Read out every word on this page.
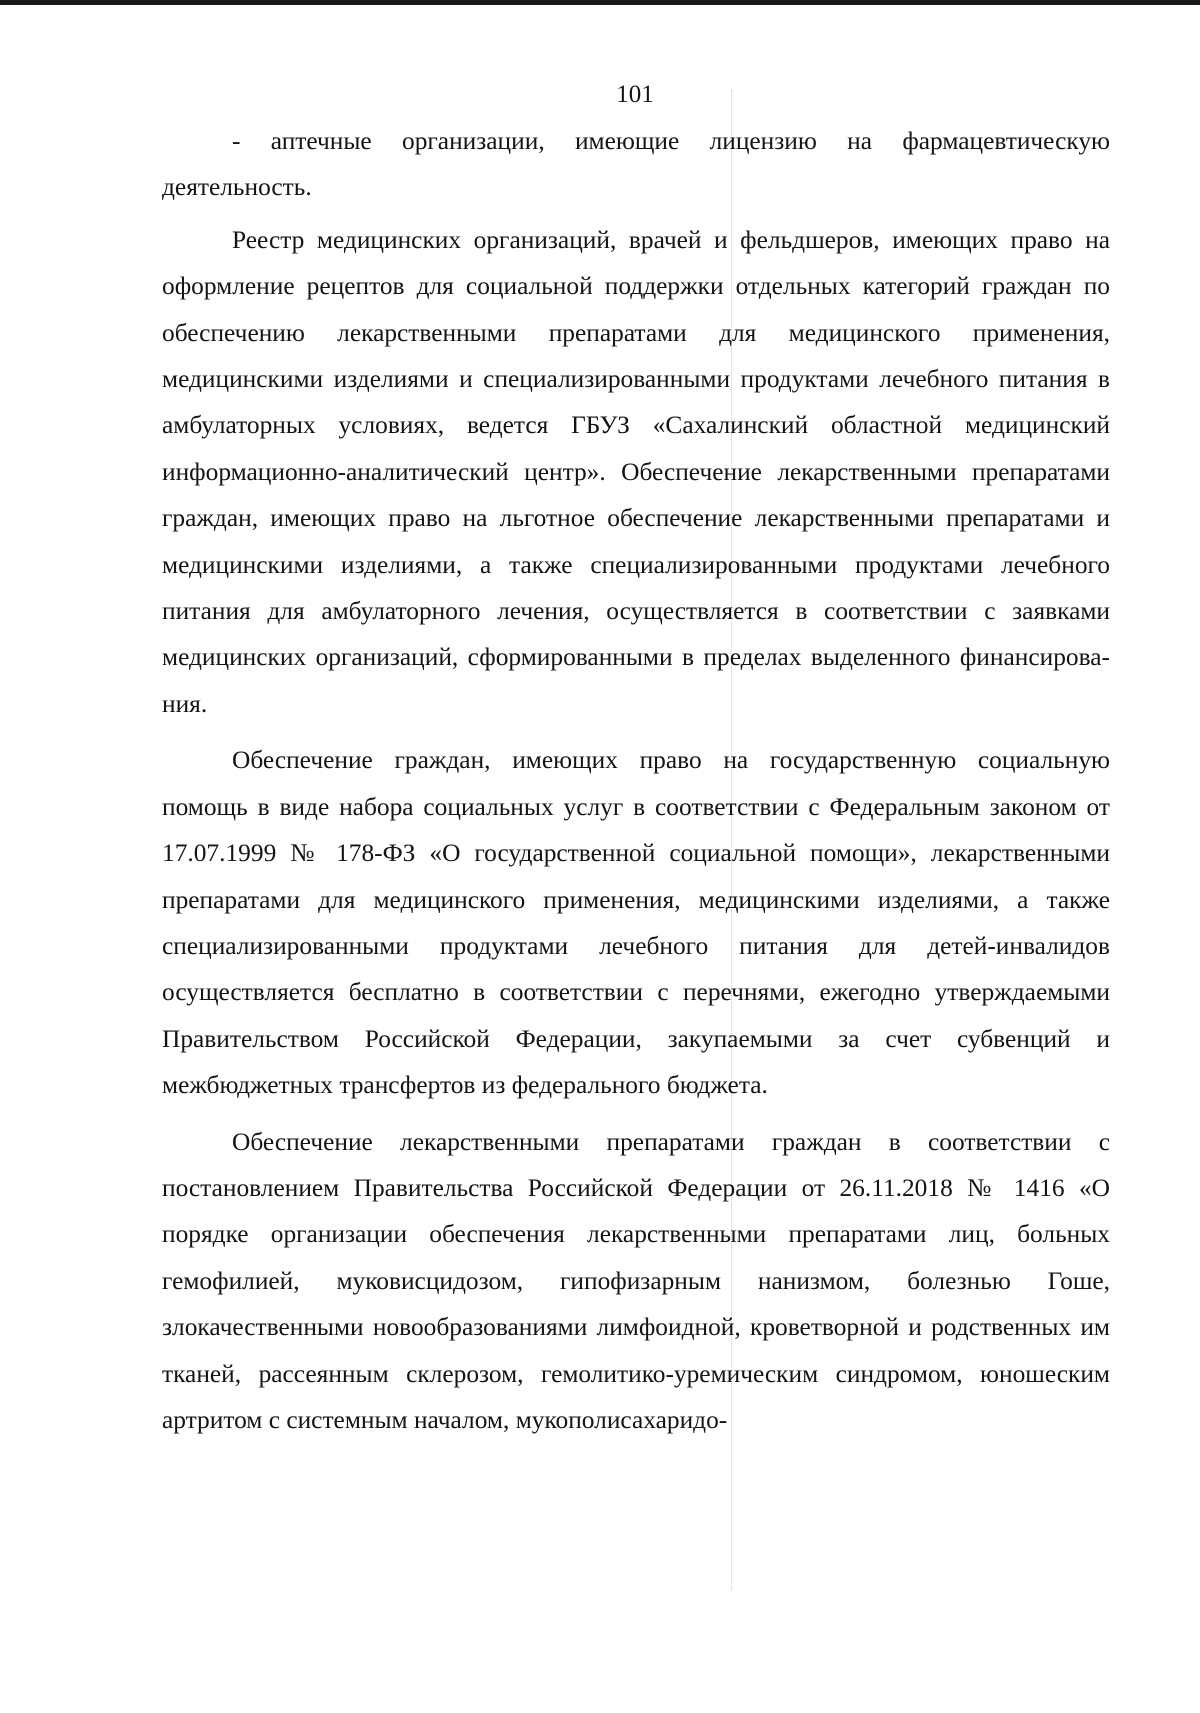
101

- аптечные организации, имеющие лицензию на фармацевтическую деятельность.

Реестр медицинских организаций, врачей и фельдшеров, имеющих право на оформление рецептов для социальной поддержки отдельных категорий граждан по обеспечению лекарственными препаратами для медицинского применения, медицинскими изделиями и специализированными продуктами лечебного питания в амбулаторных условиях, ведется ГБУЗ «Сахалинский областной медицинский информационно-аналитический центр». Обеспечение лекарственными препаратами граждан, имеющих право на льготное обеспечение лекарственными препаратами и медицинскими изделиями, а также специализированными продуктами лечебного питания для амбулаторного лечения, осуществляется в соответствии с заявками медицинских организаций, сформированными в пределах выделенного финансирования.

Обеспечение граждан, имеющих право на государственную социальную помощь в виде набора социальных услуг в соответствии с Федеральным законом от 17.07.1999 № 178-ФЗ «О государственной социальной помощи», лекарственными препаратами для медицинского применения, медицинскими изделиями, а также специализированными продуктами лечебного питания для детей-инвалидов осуществляется бесплатно в соответствии с перечнями, ежегодно утверждаемыми Правительством Российской Федерации, закупаемыми за счет субвенций и межбюджетных трансфертов из федерального бюджета.

Обеспечение лекарственными препаратами граждан в соответствии с постановлением Правительства Российской Федерации от 26.11.2018 № 1416 «О порядке организации обеспечения лекарственными препаратами лиц, больных гемофилией, муковисцидозом, гипофизарным нанизмом, болезнью Гоше, злокачественными новообразованиями лимфоидной, кроветворной и родственных им тканей, рассеянным склерозом, гемолитико-уремическим синдромом, юношеским артритом с системным началом, мукополисахаридо-
